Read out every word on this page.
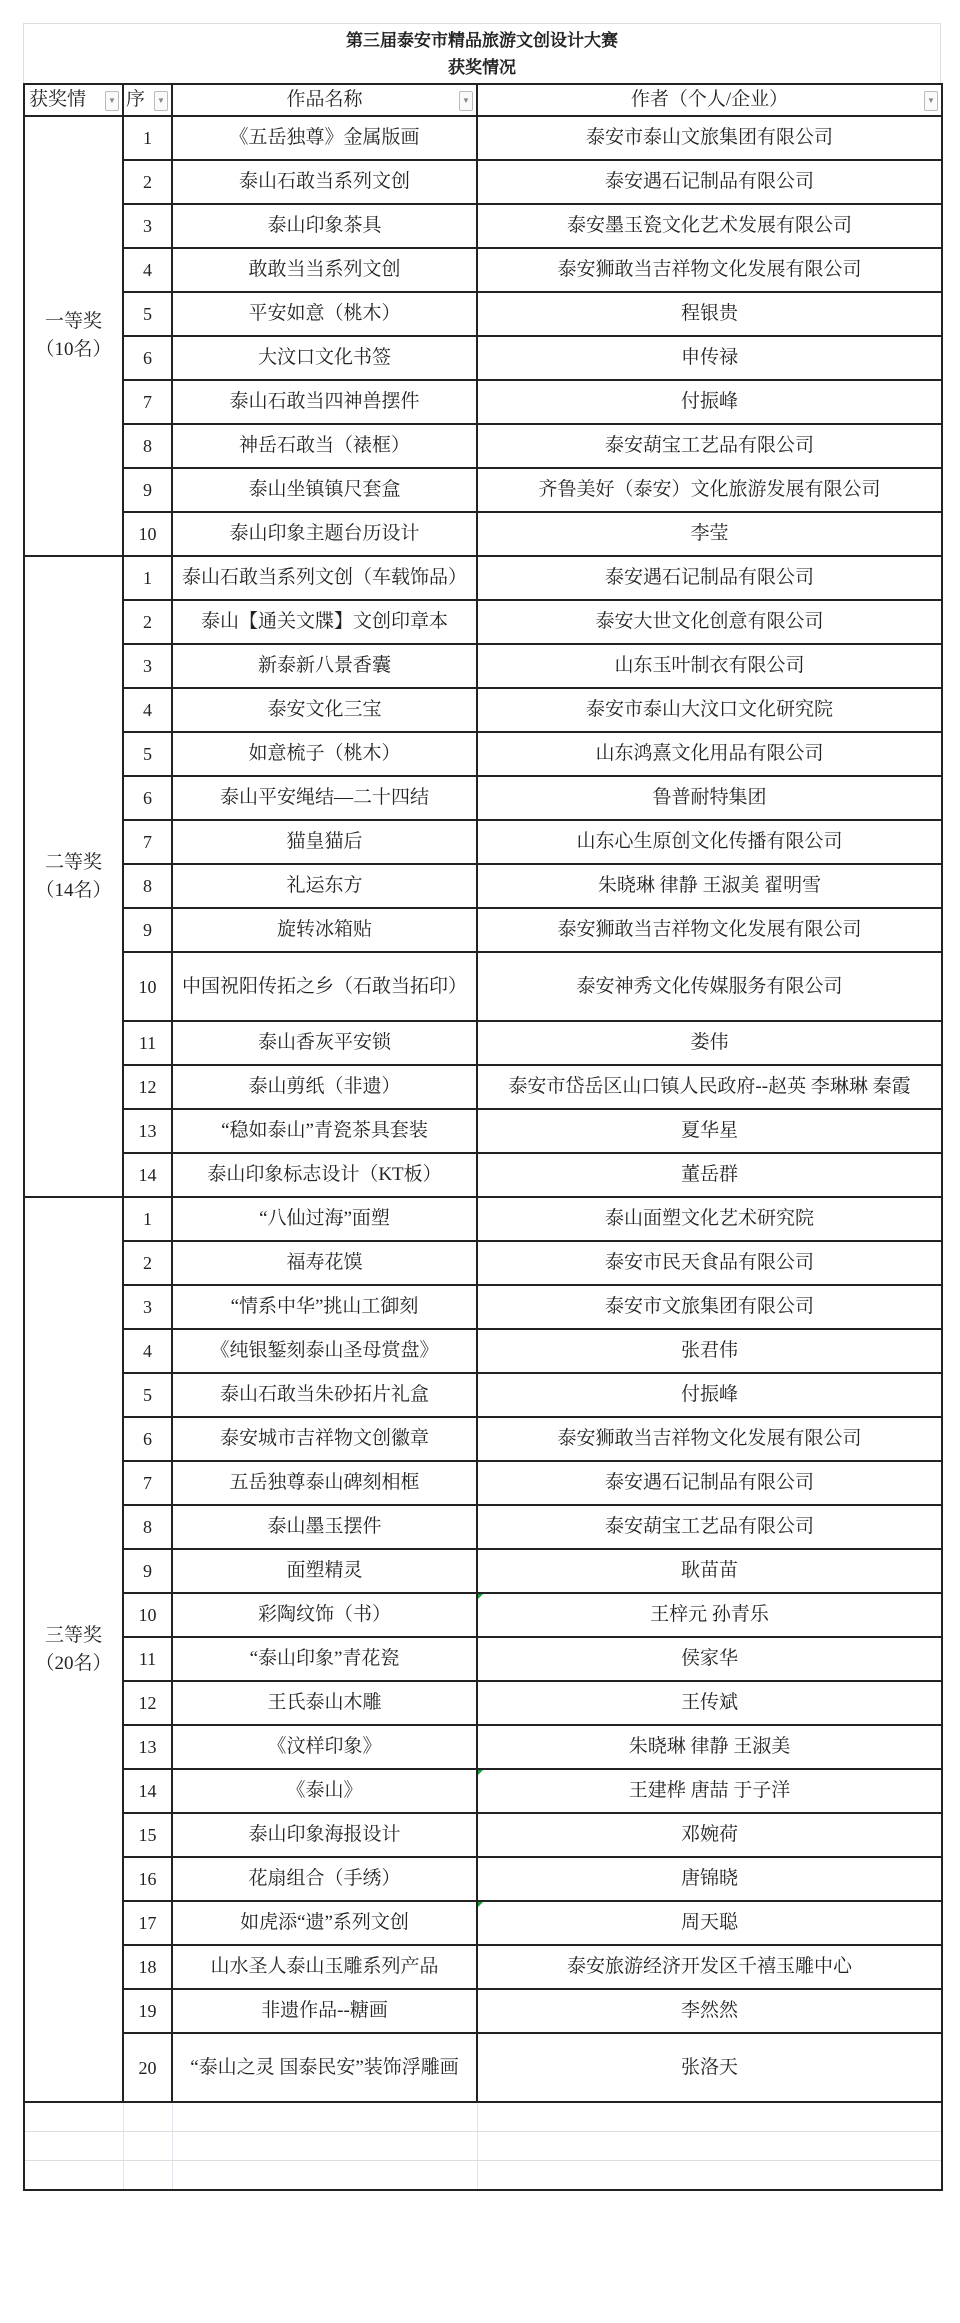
第三届泰安市精品旅游文创设计大赛
获奖情况
获奖情 ▼	序 ▼	作品名称 ▼	作者（个人/企业） ▼

一等奖
（10名）	1	《五岳独尊》金属版画	泰安市泰山文旅集团有限公司
	2	泰山石敢当系列文创	泰安遇石记制品有限公司
	3	泰山印象茶具	泰安墨玉瓷文化艺术发展有限公司
	4	敢敢当当系列文创	泰安狮敢当吉祥物文化发展有限公司
	5	平安如意（桃木）	程银贵
	6	大汶口文化书签	申传禄
	7	泰山石敢当四神兽摆件	付振峰
	8	神岳石敢当（裱框）	泰安葫宝工艺品有限公司
	9	泰山坐镇镇尺套盒	齐鲁美好（泰安）文化旅游发展有限公司
	10	泰山印象主题台历设计	李莹

二等奖
（14名）	1	泰山石敢当系列文创（车载饰品）	泰安遇石记制品有限公司
	2	泰山【通关文牒】文创印章本	泰安大世文化创意有限公司
	3	新泰新八景香囊	山东玉叶制衣有限公司
	4	泰安文化三宝	泰安市泰山大汶口文化研究院
	5	如意梳子（桃木）	山东鸿熹文化用品有限公司
	6	泰山平安绳结—二十四结	鲁普耐特集团
	7	猫皇猫后	山东心生原创文化传播有限公司
	8	礼运东方	朱晓琳 律静 王淑美 翟明雪
	9	旋转冰箱贴	泰安狮敢当吉祥物文化发展有限公司
	10	中国祝阳传拓之乡（石敢当拓印）	泰安神秀文化传媒服务有限公司
	11	泰山香灰平安锁	娄伟
	12	泰山剪纸（非遗）	泰安市岱岳区山口镇人民政府--赵英 李琳琳 秦霞
	13	“稳如泰山”青瓷茶具套装	夏华星
	14	泰山印象标志设计（KT板）	董岳群

三等奖
（20名）	1	“八仙过海”面塑	泰山面塑文化艺术研究院
	2	福寿花馍	泰安市民天食品有限公司
	3	“情系中华”挑山工御刻	泰安市文旅集团有限公司
	4	《纯银錾刻泰山圣母赏盘》	张君伟
	5	泰山石敢当朱砂拓片礼盒	付振峰
	6	泰安城市吉祥物文创徽章	泰安狮敢当吉祥物文化发展有限公司
	7	五岳独尊泰山碑刻相框	泰安遇石记制品有限公司
	8	泰山墨玉摆件	泰安葫宝工艺品有限公司
	9	面塑精灵	耿苗苗
	10	彩陶纹饰（书）	王梓元 孙青乐

	11	“泰山印象”青花瓷	侯家华
	12	王氏泰山木雕	王传斌
	13	《汶样印象》	朱晓琳 律静 王淑美
	14	《泰山》	王建桦 唐喆 于子洋

	15	泰山印象海报设计	邓婉荷
	16	花扇组合（手绣）	唐锦晓
	17	如虎添“遗”系列文创	周天聪

	18	山水圣人泰山玉雕系列产品	泰安旅游经济开发区千禧玉雕中心
	19	非遗作品--糖画	李然然
	20	“泰山之灵 国泰民安”装饰浮雕画	张洛天
